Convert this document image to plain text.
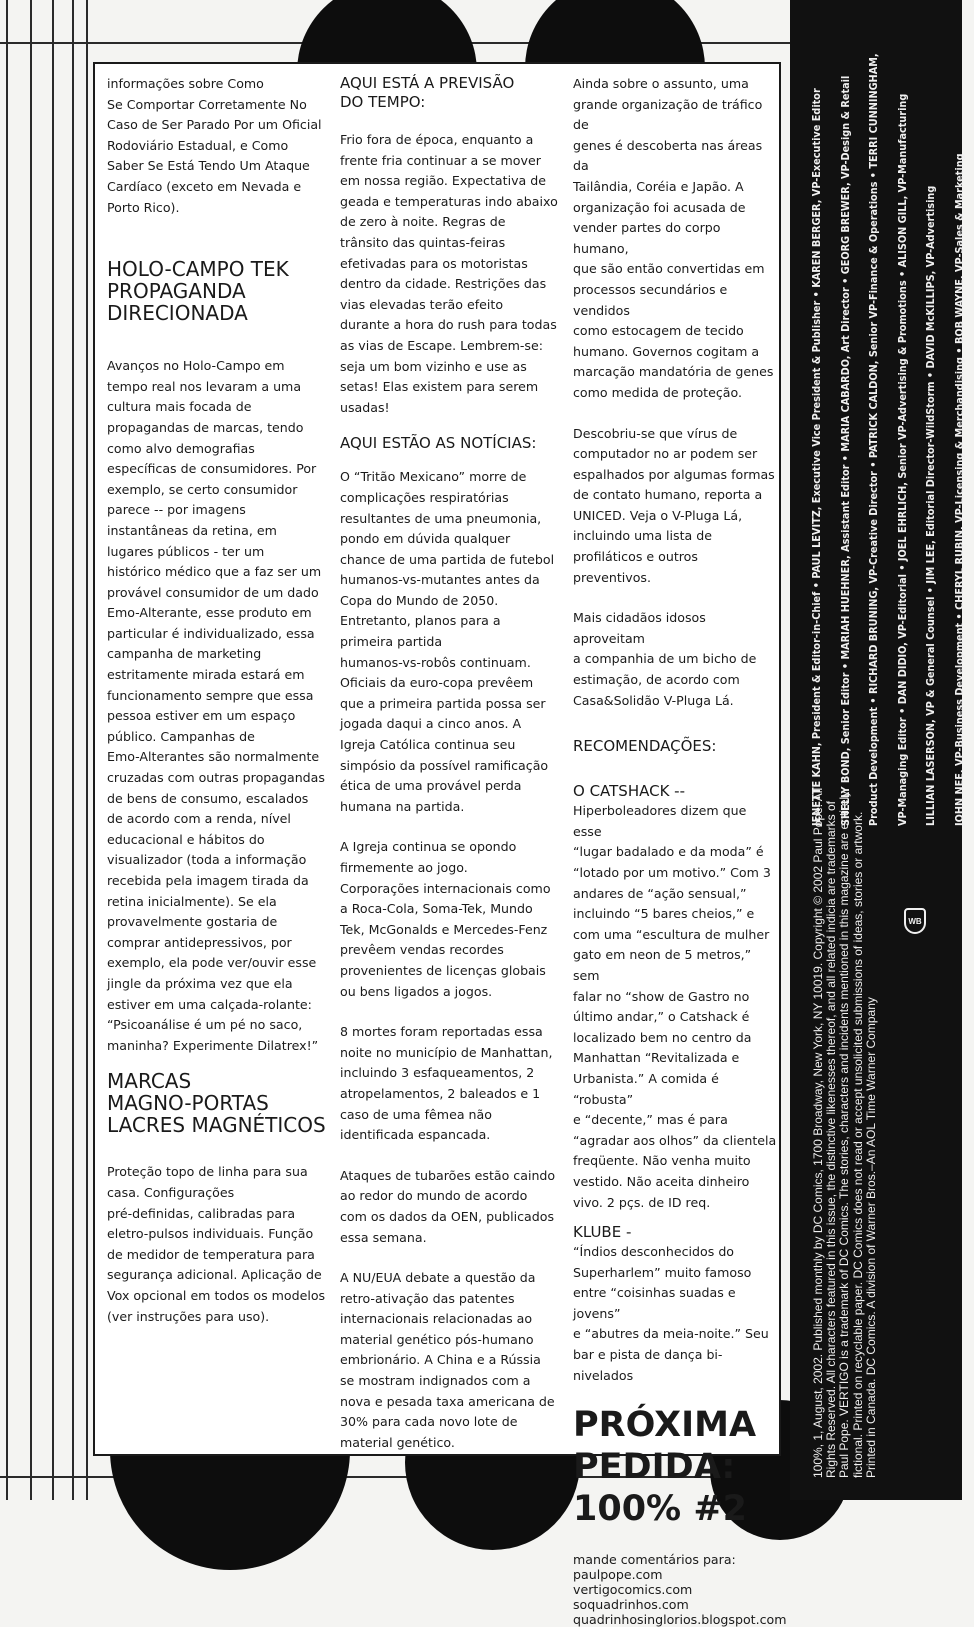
informações sobre Como

Se Comportar Corretamente No

Caso de Ser Parado Por um Oficial

Rodoviário Estadual, e Como

Saber Se Está Tendo Um Ataque

Cardíaco (exceto em Nevada e

Porto Rico).

HOLO-CAMPO TEK

PROPAGANDA

DIRECIONADA

Avanços no Holo-Campo em

tempo real nos levaram a uma

cultura mais focada de

propagandas de marcas, tendo

como alvo demografias

específicas de consumidores. Por

exemplo, se certo consumidor

parece -- por imagens

instantâneas da retina, em

lugares públicos - ter um

histórico médico que a faz ser um

provável consumidor de um dado

Emo-Alterante, esse produto em

particular é individualizado, essa

campanha de marketing

estritamente mirada estará em

funcionamento sempre que essa

pessoa estiver em um espaço

público. Campanhas de

Emo-Alterantes são normalmente

cruzadas com outras propagandas

de bens de consumo, escalados

de acordo com a renda, nível

educacional e hábitos do

visualizador (toda a informação

recebida pela imagem tirada da

retina inicialmente). Se ela

provavelmente gostaria de

comprar antidepressivos, por

exemplo, ela pode ver/ouvir esse

jingle da próxima vez que ela

estiver em uma calçada-rolante:

“Psicoanálise é um pé no saco,

maninha? Experimente Dilatrex!”

MARCAS

MAGNO-PORTAS

LACRES MAGNÉTICOS

Proteção topo de linha para sua

casa. Configurações

pré-definidas, calibradas para

eletro-pulsos individuais. Função

de medidor de temperatura para

segurança adicional. Aplicação de

Vox opcional em todos os modelos

(ver instruções para uso).

AQUI ESTÁ A PREVISÃO

DO TEMPO:

Frio fora de época, enquanto a

frente fria continuar a se mover

em nossa região. Expectativa de

geada e temperaturas indo abaixo

de zero à noite. Regras de

trânsito das quintas-feiras

efetivadas para os motoristas

dentro da cidade. Restrições das

vias elevadas terão efeito

durante a hora do rush para todas

as vias de Escape. Lembrem-se:

seja um bom vizinho e use as

setas! Elas existem para serem

usadas!

AQUI ESTÃO AS NOTÍCIAS:

O “Tritão Mexicano” morre de

complicações respiratórias

resultantes de uma pneumonia,

pondo em dúvida qualquer

chance de uma partida de futebol

humanos-vs-mutantes antes da

Copa do Mundo de 2050.

Entretanto, planos para a

primeira partida

humanos-vs-robôs continuam.

Oficiais da euro-copa prevêem

que a primeira partida possa ser

jogada daqui a cinco anos. A

Igreja Católica continua seu

simpósio da possível ramificação

ética de uma provável perda

humana na partida.

A Igreja continua se opondo

firmemente ao jogo.

Corporações internacionais como

a Roca-Cola, Soma-Tek, Mundo

Tek, McGonalds e Mercedes-Fenz

prevêem vendas recordes

provenientes de licenças globais

ou bens ligados a jogos.

8 mortes foram reportadas essa

noite no município de Manhattan,

incluindo 3 esfaqueamentos, 2

atropelamentos, 2 baleados e 1

caso de uma fêmea não

identificada espancada.

Ataques de tubarões estão caindo

ao redor do mundo de acordo

com os dados da OEN, publicados

essa semana.

A NU/EUA debate a questão da

retro-ativação das patentes

internacionais relacionadas ao

material genético pós-humano

embrionário. A China e a Rússia

se mostram indignados com a

nova e pesada taxa americana de

30% para cada novo lote de

material genético.

Ainda sobre o assunto, uma

grande organização de tráfico de

genes é descoberta nas áreas da

Tailândia, Coréia e Japão. A

organização foi acusada de

vender partes do corpo humano,

que são então convertidas em

processos secundários e vendidos

como estocagem de tecido

humano. Governos cogitam a

marcação mandatória de genes

como medida de proteção.

Descobriu-se que vírus de

computador no ar podem ser

espalhados por algumas formas

de contato humano, reporta a

UNICED. Veja o V-Pluga Lá,

incluindo uma lista de

profiláticos e outros preventivos.

Mais cidadãos idosos aproveitam

a companhia de um bicho de

estimação, de acordo com

Casa&Solidão V-Pluga Lá.

RECOMENDAÇÕES:

O CATSHACK --

Hiperboleadores dizem que esse

“lugar badalado e da moda” é

“lotado por um motivo.” Com 3

andares de “ação sensual,”

incluindo “5 bares cheios,” e

com uma “escultura de mulher

gato em neon de 5 metros,” sem

falar no “show de Gastro no

último andar,” o Catshack é

localizado bem no centro da

Manhattan “Revitalizada e

Urbanista.” A comida é “robusta”

e “decente,” mas é para

“agradar aos olhos” da clientela

freqüente. Não venha muito

vestido. Não aceita dinheiro

vivo. 2 pçs. de ID req.

KLUBE -

“Índios desconhecidos do

Superharlem” muito famoso

entre “coisinhas suadas e jovens”

e “abutres da meia-noite.” Seu

bar e pista de dança bi-nivelados

PRÓXIMA

PEDIDA:

100% #2

mande comentários para:

paulpope.com

vertigocomics.com

soquadrinhos.com

quadrinhosinglorios.blogspot.com

JENETTE KAHN, President & Editor-in-Chief • PAUL LEVITZ, Executive Vice President & Publisher • KAREN BERGER, VP-Executive Editor	SHELLY BOND, Senior Editor • MARIAH HUEHNER, Assistant Editor • MARIA CABARDO, Art Director • GEORG BREWER, VP-Design & Retail	Product Development • RICHARD BRUNING, VP-Creative Director • PATRICK CALDON, Senior VP-Finance & Operations • TERRI CUNNINGHAM,	VP-Managing Editor • DAN DIDIO, VP-Editorial • JOEL EHRLICH, Senior VP-Advertising & Promotions • ALISON GILL, VP-Manufacturing	LILLIAN LASERSON, VP & General Counsel • JIM LEE, Editorial Director-WildStorm • DAVID McKILLIPS, VP-Advertising	JOHN NEE, VP-Business Development • CHERYL RUBIN, VP-Licensing & Merchandising • BOB WAYNE, VP-Sales & Marketing
100%, 1, August, 2002. Published monthly by DC Comics, 1700 Broadway, New York, NY 10019. Copyright © 2002 Paul Pope. All Rights Reserved. All characters featured in this issue, the distinctive likenesses thereof, and all related indicia are trademarks of Paul Pope. VERTIGO is a trademark of DC Comics. The stories, characters and incidents mentioned in this magazine are entirely fictional. Printed on recyclable paper. DC Comics does not read or accept unsolicited submissions of ideas, stories or artwork. Printed in Canada. DC Comics. A division of Warner Bros.–An AOL Time Warner Company
WB
